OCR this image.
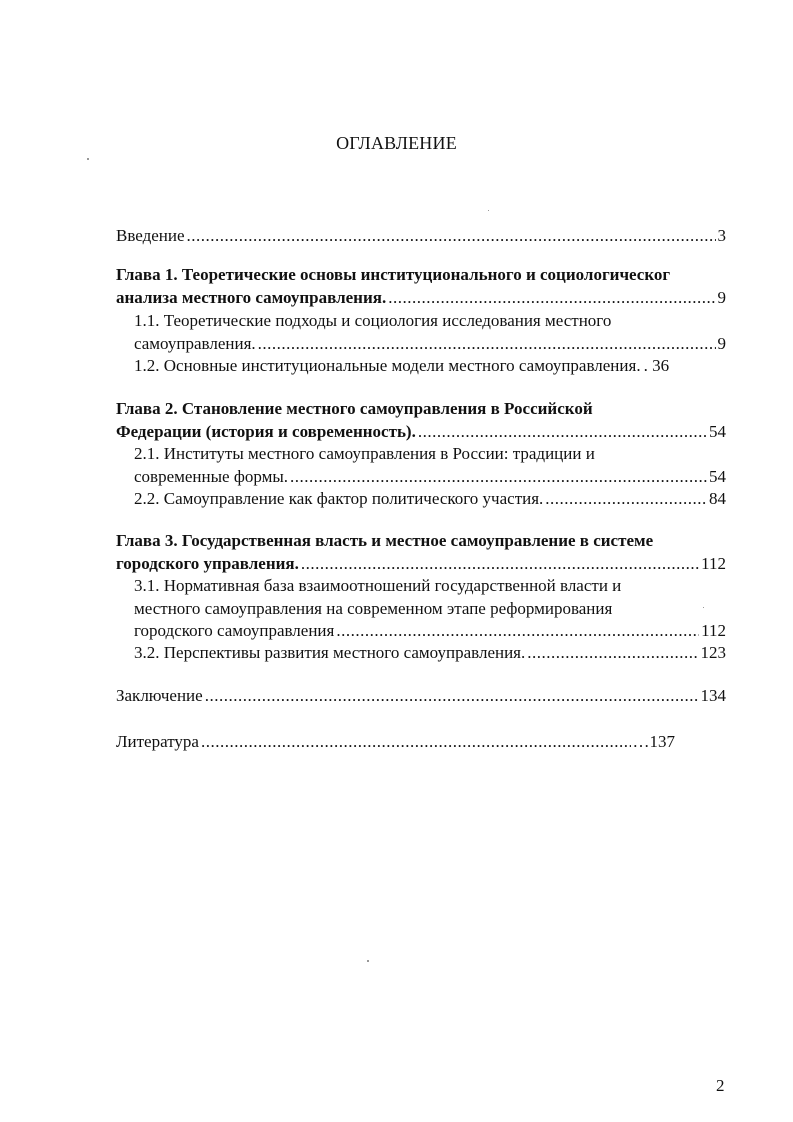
ОГЛАВЛЕНИЕ
Введение .....	3
Глава 1. Теоретические основы институционального и социологическог
анализа местного самоуправления. .....	9
1.1. Теоретические подходы и социология исследования местного
самоуправления. .....	9
1.2. Основные институциональные модели местного самоуправления. . 36
Глава 2. Становление местного самоуправления в Российской
Федерации (история и современность). .....	54
2.1. Институты местного самоуправления в России: традиции и
современные формы. .....	54
2.2. Самоуправление как фактор политического участия. .....	84
Глава 3. Государственная власть и местное самоуправление в системе
городского управления. .....	112
3.1. Нормативная база взаимоотношений государственной власти и
местного самоуправления на современном этапе реформирования
городского самоуправления .....	112
3.2. Перспективы развития местного самоуправления. .....	123
Заключение .....	134
Литература .....	…137
2
